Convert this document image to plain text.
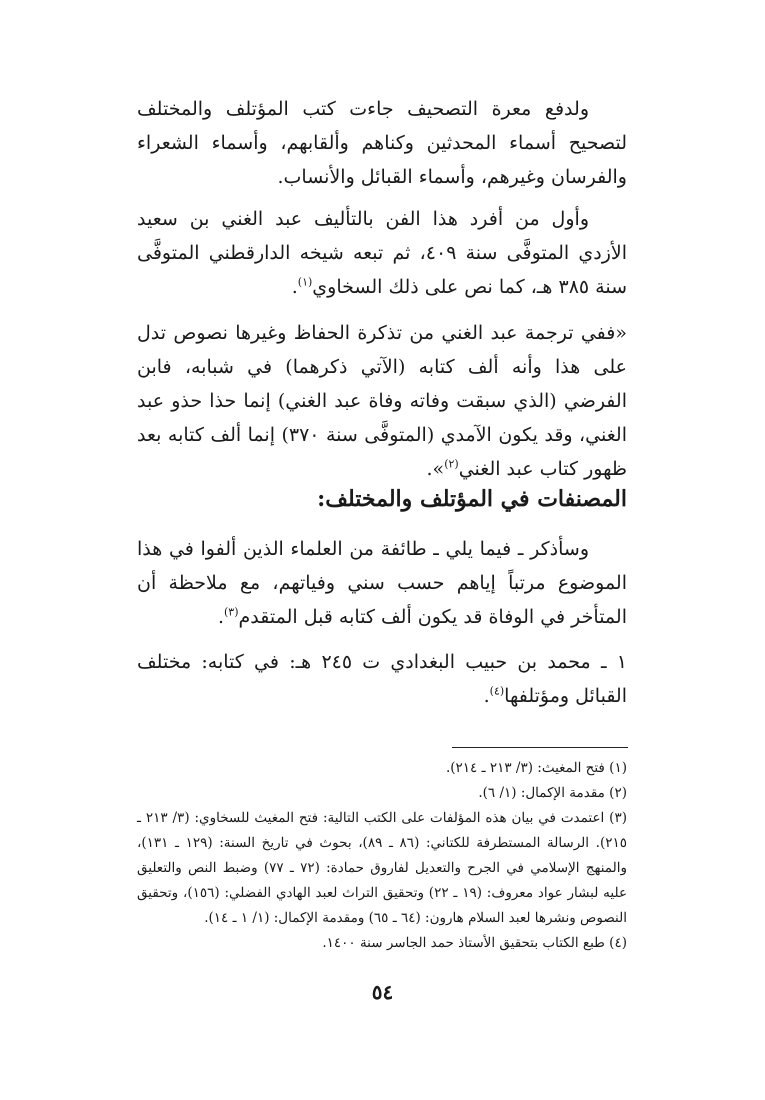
ولدفع معرة التصحيف جاءت كتب المؤتلف والمختلف لتصحيح أسماء المحدثين وكناهم وألقابهم، وأسماء الشعراء والفرسان وغيرهم، وأسماء القبائل والأنساب.

وأول من أفرد هذا الفن بالتأليف عبد الغني بن سعيد الأزدي المتوفَّى سنة ٤٠٩، ثم تبعه شيخه الدارقطني المتوفَّى سنة ٣٨٥ هـ، كما نص على ذلك السخاوي$^{(١)}$.

«ففي ترجمة عبد الغني من تذكرة الحفاظ وغيرها نصوص تدل على هذا وأنه ألف كتابه (الآتي ذكرهما) في شبابه، فابن الفرضي (الذي سبقت وفاته وفاة عبد الغني) إنما حذا حذو عبد الغني، وقد يكون الآمدي (المتوفَّى سنة ٣٧٠) إنما ألف كتابه بعد ظهور كتاب عبد الغني$^{(٢)}$».

المصنفات في المؤتلف والمختلف:

وسأذكر ـ فيما يلي ـ طائفة من العلماء الذين ألفوا في هذا الموضوع مرتباً إياهم حسب سني وفياتهم، مع ملاحظة أن المتأخر في الوفاة قد يكون ألف كتابه قبل المتقدم$^{(٣)}$.

١ ـ محمد بن حبيب البغدادي ت ٢٤٥ هـ: في كتابه: مختلف القبائل ومؤتلفها$^{(٤)}$.

(١) فتح المغيث: (٣/ ٢١٣ ـ ٢١٤).

(٢) مقدمة الإكمال: (١/ ٦).

(٣) اعتمدت في بيان هذه المؤلفات على الكتب التالية: فتح المغيث للسخاوي: (٣/ ٢١٣ ـ ٢١٥). الرسالة المستطرفة للكتاني: (٨٦ ـ ٨٩)، بحوث في تاريخ السنة: (١٢٩ ـ ١٣١)، والمنهج الإسلامي في الجرح والتعديل لفاروق حمادة: (٧٢ ـ ٧٧) وضبط النص والتعليق عليه لبشار عواد معروف: (١٩ ـ ٢٢) وتحقيق التراث لعبد الهادي الفضلي: (١٥٦)، وتحقيق النصوص ونشرها لعبد السلام هارون: (٦٤ ـ ٦٥) ومقدمة الإكمال: (١/ ١ ـ ١٤).

(٤) طبع الكتاب بتحقيق الأستاذ حمد الجاسر سنة ١٤٠٠.

٥٤
